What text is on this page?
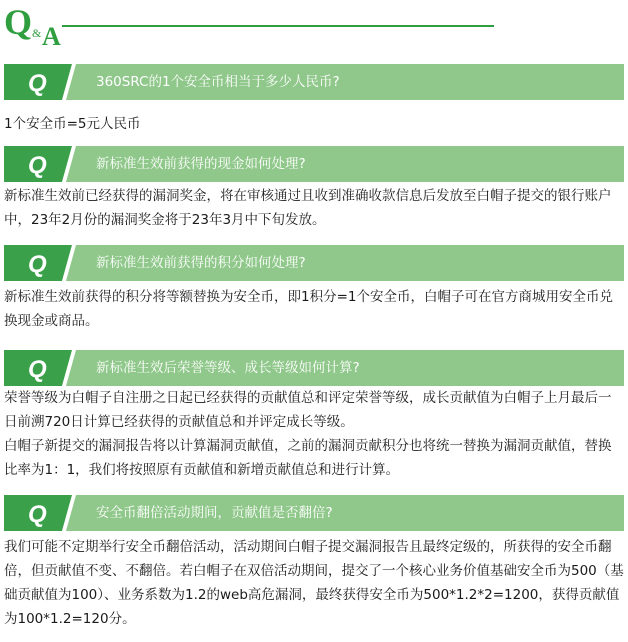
Q & A
Q	360SRC的1个安全币相当于多少人民币?

1个安全币=5元人民币

Q	新标准生效前获得的现金如何处理?

新标准生效前已经获得的漏洞奖金，将在审核通过且收到准确收款信息后发放至白帽子提交的银行账户中，23年2月份的漏洞奖金将于23年3月中下旬发放。

Q	新标准生效前获得的积分如何处理?

新标准生效前获得的积分将等额替换为安全币，即1积分=1个安全币，白帽子可在官方商城用安全币兑换现金或商品。

Q	新标准生效后荣誉等级、成长等级如何计算?

荣誉等级为白帽子自注册之日起已经获得的贡献值总和评定荣誉等级，成长贡献值为白帽子上月最后一日前溯720日计算已经获得的贡献值总和并评定成长等级。

白帽子新提交的漏洞报告将以计算漏洞贡献值，之前的漏洞贡献积分也将统一替换为漏洞贡献值，替换比率为1：1，我们将按照原有贡献值和新增贡献值总和进行计算。

Q	安全币翻倍活动期间，贡献值是否翻倍?

我们可能不定期举行安全币翻倍活动，活动期间白帽子提交漏洞报告且最终定级的，所获得的安全币翻倍，但贡献值不变、不翻倍。若白帽子在双倍活动期间，提交了一个核心业务价值基础安全币为500（基础贡献值为100）、业务系数为1.2的web高危漏洞，最终获得安全币为500*1.2*2=1200，获得贡献值为100*1.2=120分。
